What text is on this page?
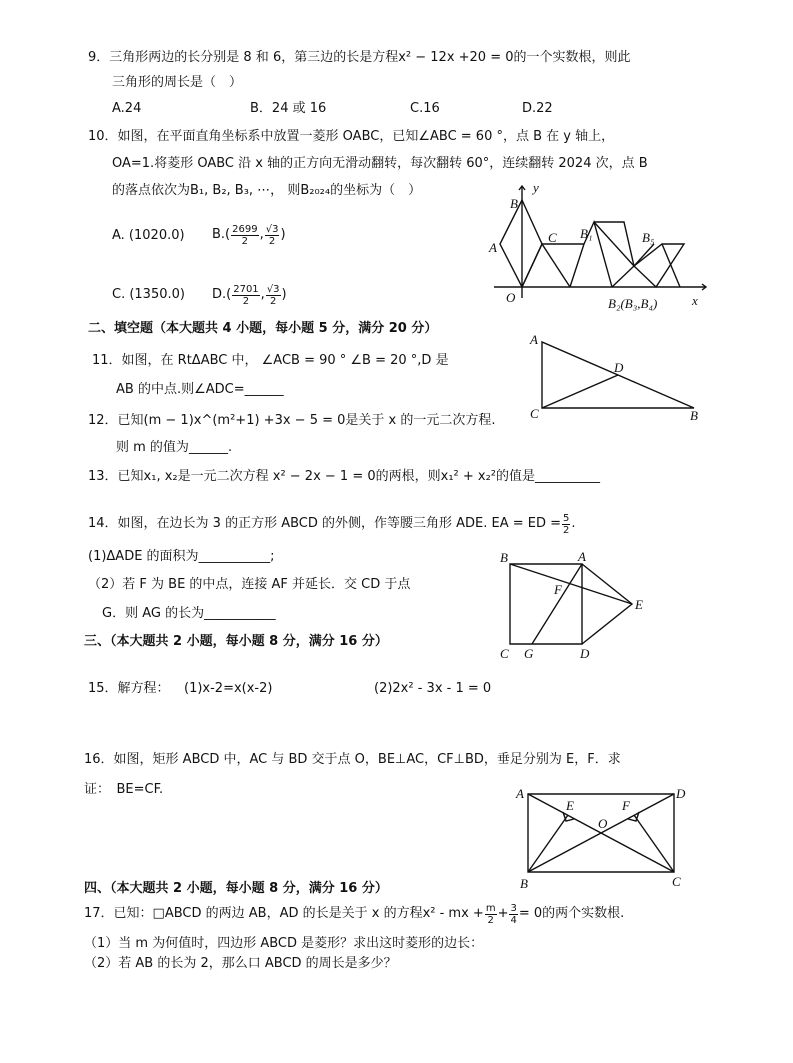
9．三角形两边的长分别是 8 和 6，第三边的长是方程x² − 12x +20 = 0的一个实数根，则此
三角形的周长是（　）
A.24	B．24 或 16	C.16	D.22
10．如图，在平面直角坐标系中放置一菱形 OABC，已知∠ABC = 60 °，点 B 在 y 轴上，
OA=1.将菱形 OABC 沿 x 轴的正方向无滑动翻转，每次翻转 60°，连续翻转 2024 次，点 B
的落点依次为B₁, B₂, B₃, ⋯， 则B₂₀₂₄的坐标为（　）
A. (1020.0) $B.( \frac{2699}{2}$ , $\frac{√3}{2}$ )
C. (1350.0) $D.( \frac{2701}{2}$ , $\frac{√3}{2}$ )
B
y
A
C B₁	B₅
O	B₂(B₃,B₄)	x
二、填空题（本大题共 4 小题，每小题 5 分，满分 20 分）
11．如图，在 RtΔABC 中， ∠ACB = 90 ° ∠B = 20 °,D 是
AB 的中点.则∠ADC=______
A
D
C	B
12．已知(m − 1)x^(m²+1) +3x − 5 = 0是关于 x 的一元二次方程.
则 m 的值为______.
13．已知x₁, x₂是一元二次方程 x² − 2x − 1 = 0的两根，则x₁² + x₂²的值是__________
14．如图，在边长为 3 的正方形 ABCD 的外侧，作等腰三角形 ADE. EA = ED = $\frac{5}{2}$ .
(1)ΔADE 的面积为___________;
（2）若 F 为 BE 的中点，连接 AF 并延长．交 CD 于点
G．则 AG 的长为___________
B	A
F
E
C G	D
三、（本大题共 2 小题，每小题 8 分，满分 16 分）
15．解方程： (1)x-2=x(x-2)	(2)2x² - 3x - 1 = 0
16．如图，矩形 ABCD 中，AC 与 BD 交于点 O，BE⊥AC，CF⊥BD，垂足分别为 E，F．求
证：　BE=CF.	A	D
E	F
O
B	C
四、（本大题共 2 小题，每小题 8 分，满分 16 分）
17．已知：□ABCD 的两边 AB，AD 的长是关于 x 的方程x² - mx + $\frac{m}{2} + \frac{3}{4} = 0$的两个实数根.
（1）当 m 为何值时，四边形 ABCD 是菱形？求出这时菱形的边长：
（2）若 AB 的长为 2，那么口 ABCD 的周长是多少？
